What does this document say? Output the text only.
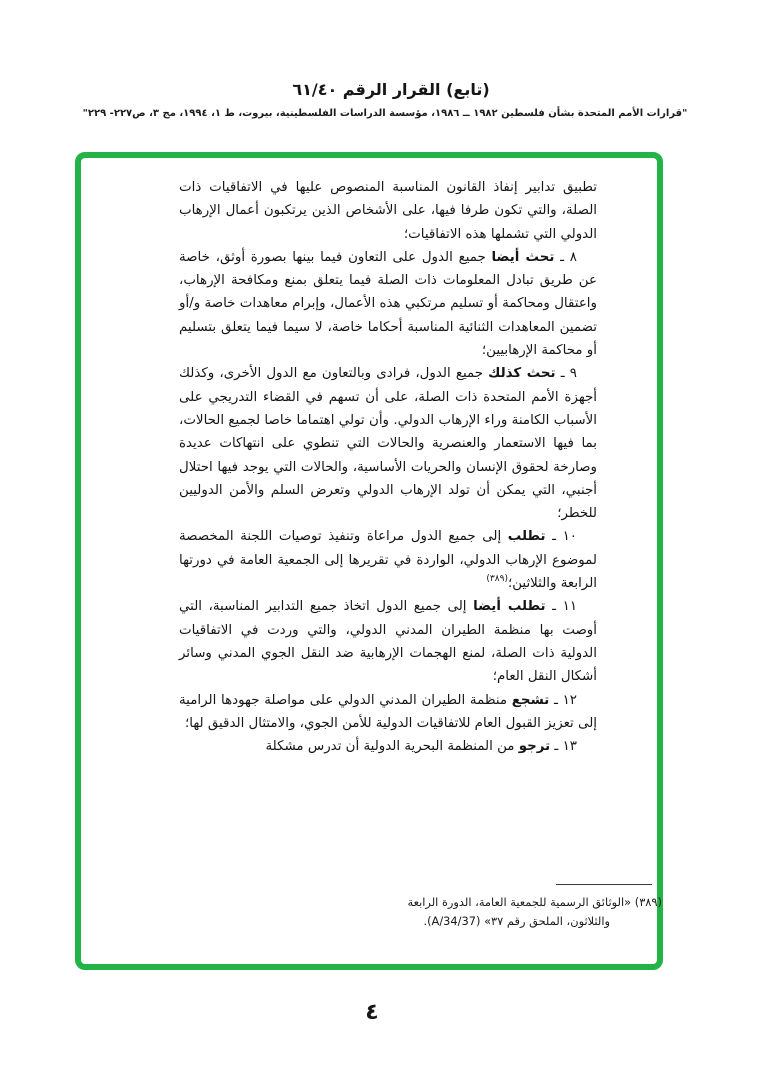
(تابع) القرار الرقم ٤٠‏/‏٦١
"قرارات الأمم المتحدة بشأن فلسطين ١٩٨٢ ــ ١٩٨٦، مؤسسة الدراسات الفلسطينية، بيروت، ط ١، ١٩٩٤، مج ٣، ص٢٢٧- ٢٢٩"

تطبيق تدابير إنفاذ القانون المناسبة المنصوص عليها في الاتفاقيات ذات الصلة، والتي تكون طرفا فيها، على الأشخاص الذين يرتكبون أعمال الإرهاب الدولي التي تشملها هذه الاتفاقيات؛

٨ ـ تحث أيضا جميع الدول على التعاون فيما بينها بصورة أوثق، خاصة عن طريق تبادل المعلومات ذات الصلة فيما يتعلق بمنع ومكافحة الإرهاب، واعتقال ومحاكمة أو تسليم مرتكبي هذه الأعمال، وإبرام معاهدات خاصة و/أو تضمين المعاهدات الثنائية المناسبة أحكاما خاصة، لا سيما فيما يتعلق بتسليم أو محاكمة الإرهابيين؛

٩ ـ تحث كذلك جميع الدول، فرادى وبالتعاون مع الدول الأخرى، وكذلك أجهزة الأمم المتحدة ذات الصلة، على أن تسهم في القضاء التدريجي على الأسباب الكامنة وراء الإرهاب الدولي. وأن تولي اهتماما خاصا لجميع الحالات، بما فيها الاستعمار والعنصرية والحالات التي تنطوي على انتهاكات عديدة وصارخة لحقوق الإنسان والحريات الأساسية، والحالات التي يوجد فيها احتلال أجنبي، التي يمكن أن تولد الإرهاب الدولي وتعرض السلم والأمن الدوليين للخطر؛

١٠ ـ تطلب إلى جميع الدول مراعاة وتنفيذ توصيات اللجنة المخصصة لموضوع الإرهاب الدولي، الواردة في تقريرها إلى الجمعية العامة في دورتها الرابعة والثلاثين؛$^{(٣٨٩)}$

١١ ـ تطلب أيضا إلى جميع الدول اتخاذ جميع التدابير المناسبة، التي أوصت بها منظمة الطيران المدني الدولي، والتي وردت في الاتفاقيات الدولية ذات الصلة، لمنع الهجمات الإرهابية ضد النقل الجوي المدني وسائر أشكال النقل العام؛

١٢ ـ تشجع منظمة الطيران المدني الدولي على مواصلة جهودها الرامية إلى تعزيز القبول العام للاتفاقيات الدولية للأمن الجوي، والامتثال الدقيق لها؛

١٣ ـ ترجو من المنظمة البحرية الدولية أن تدرس مشكلة

(٣٨٩) «الوثائق الرسمية للجمعية العامة، الدورة الرابعة والثلاثون، الملحق رقم ٣٧» ‎(A/34/37)‎.
٤
